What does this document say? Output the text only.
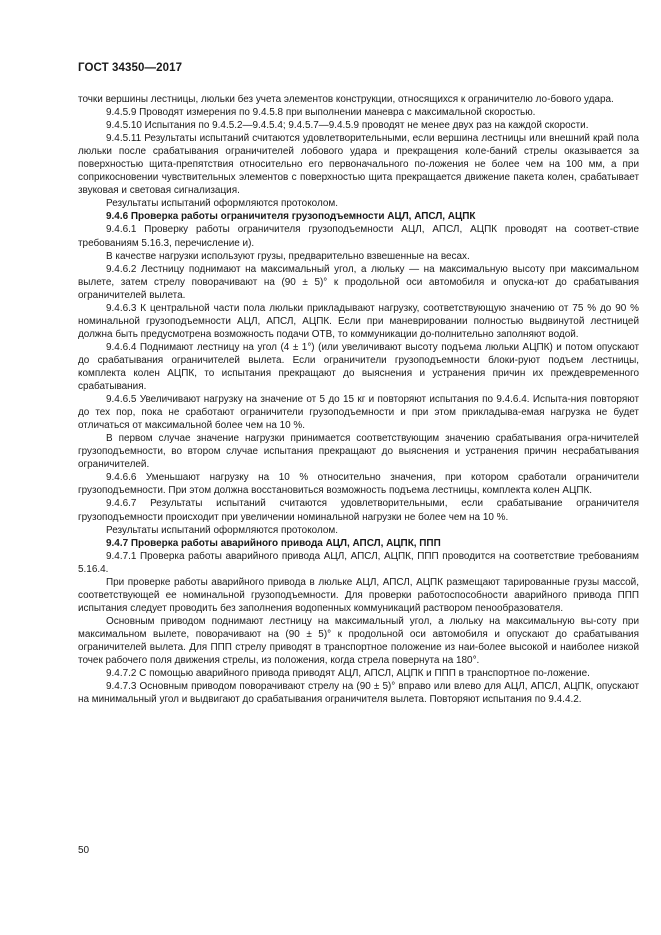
ГОСТ 34350—2017

точки вершины лестницы, люльки без учета элементов конструкции, относящихся к ограничителю ло-бового удара.

9.4.5.9 Проводят измерения по 9.4.5.8 при выполнении маневра с максимальной скоростью.

9.4.5.10 Испытания по 9.4.5.2—9.4.5.4; 9.4.5.7—9.4.5.9 проводят не менее двух раз на каждой скорости.

9.4.5.11 Результаты испытаний считаются удовлетворительными, если вершина лестницы или внешний край пола люльки после срабатывания ограничителей лобового удара и прекращения коле-баний стрелы оказывается за поверхностью щита-препятствия относительно его первоначального по-ложения не более чем на 100 мм, а при соприкосновении чувствительных элементов с поверхностью щита прекращается движение пакета колен, срабатывает звуковая и световая сигнализация.

Результаты испытаний оформляются протоколом.

9.4.6 Проверка работы ограничителя грузоподъемности АЦЛ, АПСЛ, АЦПК

9.4.6.1 Проверку работы ограничителя грузоподъемности АЦЛ, АПСЛ, АЦПК проводят на соответ-ствие требованиям 5.16.3, перечисление и).

В качестве нагрузки используют грузы, предварительно взвешенные на весах.

9.4.6.2 Лестницу поднимают на максимальный угол, а люльку — на максимальную высоту при максимальном вылете, затем стрелу поворачивают на (90 ± 5)° к продольной оси автомобиля и опуска-ют до срабатывания ограничителей вылета.

9.4.6.3 К центральной части пола люльки прикладывают нагрузку, соответствующую значению от 75 % до 90 % номинальной грузоподъемности АЦЛ, АПСЛ, АЦПК. Если при маневрировании полностью выдвинутой лестницей должна быть предусмотрена возможность подачи ОТВ, то коммуникации до-полнительно заполняют водой.

9.4.6.4 Поднимают лестницу на угол (4 ± 1°) (или увеличивают высоту подъема люльки АЦПК) и потом опускают до срабатывания ограничителей вылета. Если ограничители грузоподъемности блоки-руют подъем лестницы, комплекта колен АЦПК, то испытания прекращают до выяснения и устранения причин их преждевременного срабатывания.

9.4.6.5 Увеличивают нагрузку на значение от 5 до 15 кг и повторяют испытания по 9.4.6.4. Испыта-ния повторяют до тех пор, пока не сработают ограничители грузоподъемности и при этом прикладыва-емая нагрузка не будет отличаться от максимальной более чем на 10 %.

В первом случае значение нагрузки принимается соответствующим значению срабатывания огра-ничителей грузоподъемности, во втором случае испытания прекращают до выяснения и устранения причин несрабатывания ограничителей.

9.4.6.6 Уменьшают нагрузку на 10 % относительно значения, при котором сработали ограничители грузоподъемности. При этом должна восстановиться возможность подъема лестницы, комплекта колен АЦПК.

9.4.6.7 Результаты испытаний считаются удовлетворительными, если срабатывание ограничителя грузоподъемности происходит при увеличении номинальной нагрузки не более чем на 10 %.

Результаты испытаний оформляются протоколом.

9.4.7 Проверка работы аварийного привода АЦЛ, АПСЛ, АЦПК, ППП

9.4.7.1 Проверка работы аварийного привода АЦЛ, АПСЛ, АЦПК, ППП проводится на соответствие требованиям 5.16.4.

При проверке работы аварийного привода в люльке АЦЛ, АПСЛ, АЦПК размещают тарированные грузы массой, соответствующей ее номинальной грузоподъемности. Для проверки работоспособности аварийного привода ППП испытания следует проводить без заполнения водопенных коммуникаций раствором пенообразователя.

Основным приводом поднимают лестницу на максимальный угол, а люльку на максимальную вы-соту при максимальном вылете, поворачивают на (90 ± 5)° к продольной оси автомобиля и опускают до срабатывания ограничителей вылета. Для ППП стрелу приводят в транспортное положение из наи-более высокой и наиболее низкой точек рабочего поля движения стрелы, из положения, когда стрела повернута на 180°.

9.4.7.2 С помощью аварийного привода приводят АЦЛ, АПСЛ, АЦПК и ППП в транспортное по-ложение.

9.4.7.3 Основным приводом поворачивают стрелу на (90 ± 5)° вправо или влево для АЦЛ, АПСЛ, АЦПК, опускают на минимальный угол и выдвигают до срабатывания ограничителя вылета. Повторяют испытания по 9.4.4.2.

50
